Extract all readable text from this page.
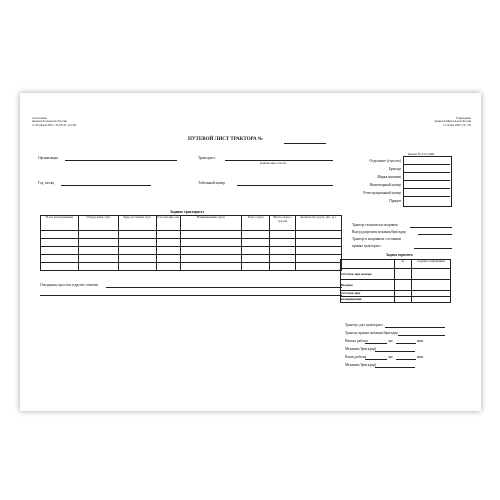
Согласовано
письмом Госкомстата России
от 18 апреля 2001 г. № ЕЕ-01-11/1301
Утверждены
приказом Минсельхоза России
от 16 мая 2003 г. № 750
ПУТЕВОЙ ЛИСТ ТРАКТОРА №
Форма № 412-АПК
Организация	Тракторист
фамилия, имя, отчество
Год, месяц	Табельный номер
Отделение (участок)
Бригада
Марка машины
Инвентарный номер
Регистрационный номер
Прицеп
Задание трактористу
В чье распоряжение	Откуда взять груз	Куда доставить груз	Расстоя-ние, км	Наименование груза	Класс груза	Число ездок с грузом	Количество груза, шт., ц, т

Опоздания, простои и другие отметки
Трактор технически исправен
Выезд разрешен механик/бригадир
Трактор в исправном состоянии
принял тракторист
Задача горючего
	кг	подпись заправщика
Остаток при выезде		
Выдано		
Остаток при		
возвращении		
Трактор сдал тракторист
Трактор принял механик/бригадир
Начало работы	час.	мин.
Механик (бригадир)
Конец работы	час.	мин.
Механик (бригадир)
